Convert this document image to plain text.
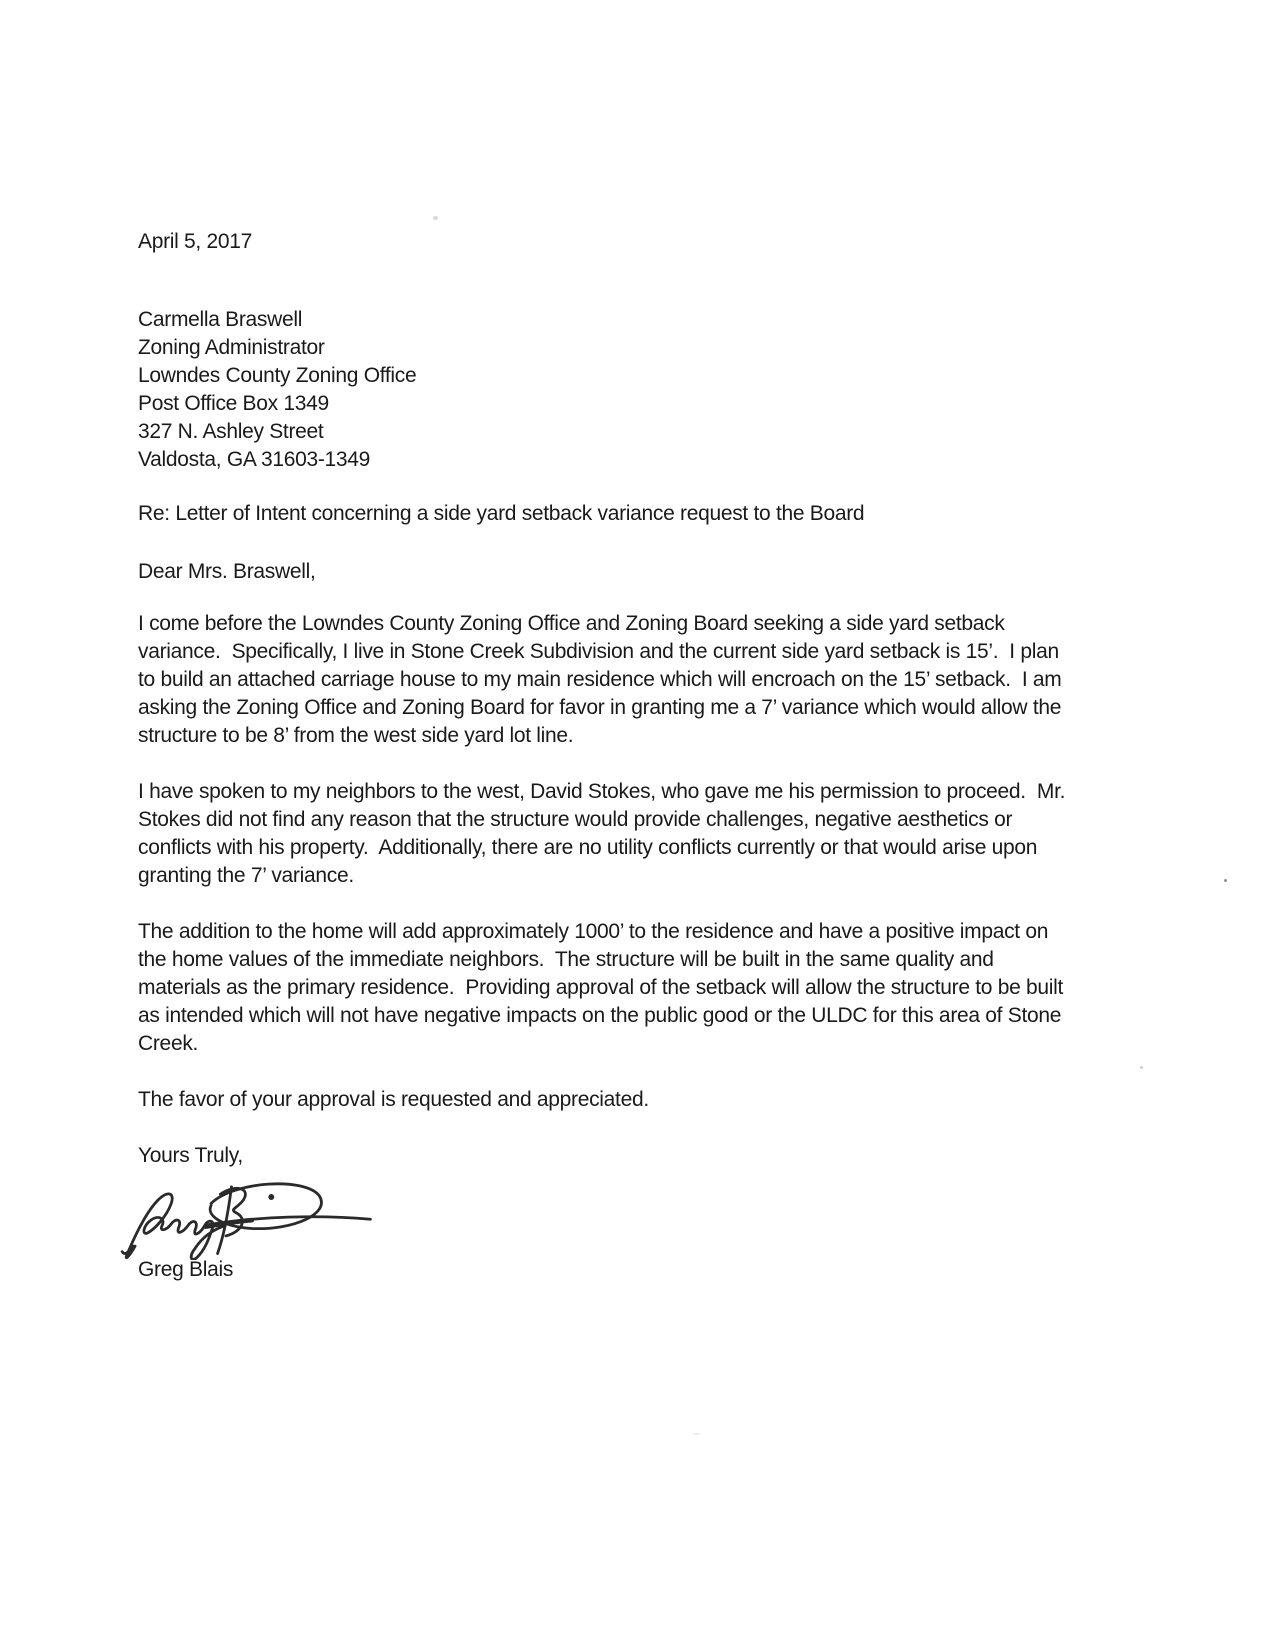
April 5, 2017
Carmella Braswell
Zoning Administrator
Lowndes County Zoning Office
Post Office Box 1349
327 N. Ashley Street
Valdosta, GA 31603-1349
Re: Letter of Intent concerning a side yard setback variance request to the Board
Dear Mrs. Braswell,

I come before the Lowndes County Zoning Office and Zoning Board seeking a side yard setback variance.  Specifically, I live in Stone Creek Subdivision and the current side yard setback is 15’.  I plan to build an attached carriage house to my main residence which will encroach on the 15’ setback.  I am asking the Zoning Office and Zoning Board for favor in granting me a 7’ variance which would allow the structure to be 8’ from the west side yard lot line.

I have spoken to my neighbors to the west, David Stokes, who gave me his permission to proceed.  Mr. Stokes did not find any reason that the structure would provide challenges, negative aesthetics or conflicts with his property.  Additionally, there are no utility conflicts currently or that would arise upon granting the 7’ variance.

The addition to the home will add approximately 1000’ to the residence and have a positive impact on the home values of the immediate neighbors.  The structure will be built in the same quality and materials as the primary residence.  Providing approval of the setback will allow the structure to be built as intended which will not have negative impacts on the public good or the ULDC for this area of Stone Creek.

The favor of your approval is requested and appreciated.

Yours Truly,
Greg Blais
